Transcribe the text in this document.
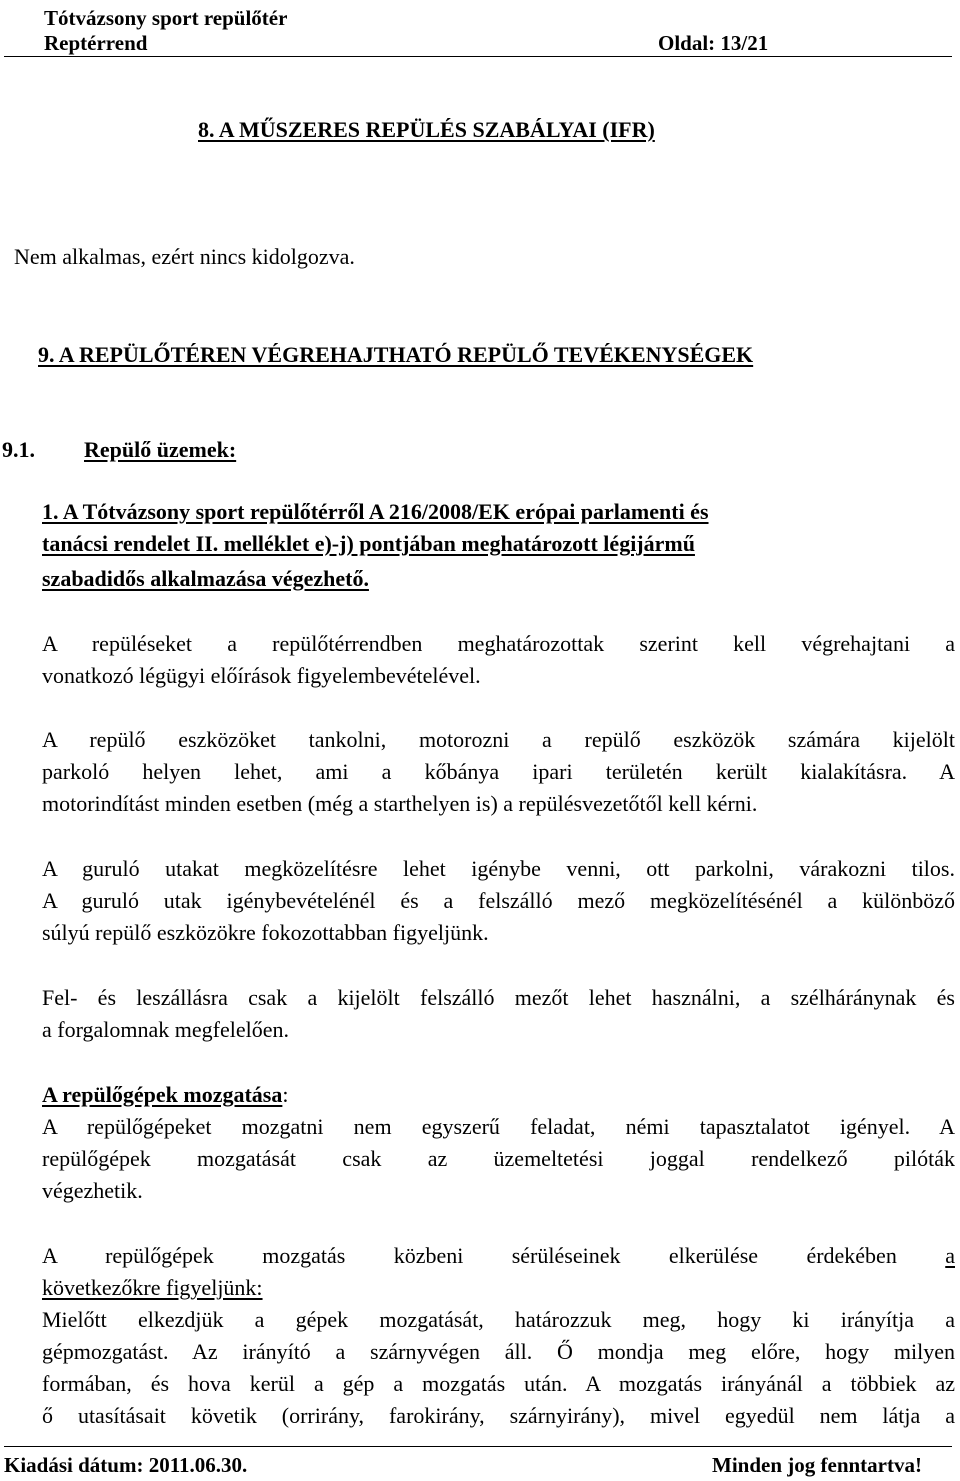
Tótvázsony sport repülőtér
Reptérrend	Oldal: 13/21
8. A MŰSZERES REPÜLÉS SZABÁLYAI (IFR)
Nem alkalmas, ezért nincs kidolgozva.
9. A REPÜLŐTÉREN VÉGREHAJTHATÓ REPÜLŐ TEVÉKENYSÉGEK
9.1. Repülő üzemek:
1. A Tótvázsony sport repülőtérről A 216/2008/EK erópai parlamenti és
tanácsi rendelet II. melléklet e)-j) pontjában meghatározott légijármű
szabadidős alkalmazása végezhető.
A repüléseket a repülőtérrendben meghatározottak szerint kell végrehajtani a
vonatkozó légügyi előírások figyelembevételével.
A repülő eszközöket tankolni, motorozni a repülő eszközök számára kijelölt
parkoló helyen lehet, ami a kőbánya ipari területén került kialakításra. A
motorindítást minden esetben (még a starthelyen is) a repülésvezetőtől kell kérni.
A guruló utakat megközelítésre lehet igénybe venni, ott parkolni, várakozni tilos.
A guruló utak igénybevételénél és a felszálló mező megközelítésénél a különböző
súlyú repülő eszközökre fokozottabban figyeljünk.
Fel- és leszállásra csak a kijelölt felszálló mezőt lehet használni, a szélháránynak és
a forgalomnak megfelelően.
A repülőgépek mozgatása:
A repülőgépeket mozgatni nem egyszerű feladat, némi tapasztalatot igényel. A
repülőgépek mozgatását csak az üzemeltetési joggal rendelkező pilóták
végezhetik.
A repülőgépek mozgatás közbeni sérüléseinek elkerülése érdekében a
következőkre figyeljünk:
Mielőtt elkezdjük a gépek mozgatását, határozzuk meg, hogy ki irányítja a
gépmozgatást. Az irányító a szárnyvégen áll. Ő mondja meg előre, hogy milyen
formában, és hova kerül a gép a mozgatás után. A mozgatás irányánál a többiek az
ő utasításait követik (orrirány, farokirány, szárnyirány), mivel egyedül nem látja a
Kiadási dátum: 2011.06.30.	Minden jog fenntartva!
